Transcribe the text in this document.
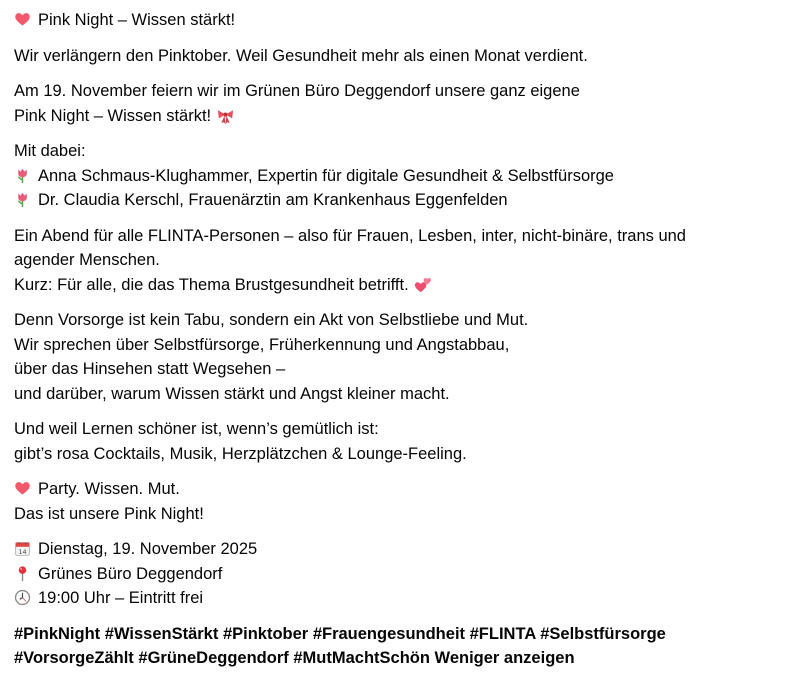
Pink Night – Wissen stärkt!

Wir verlängern den Pinktober. Weil Gesundheit mehr als einen Monat verdient.

Am 19. November feiern wir im Grünen Büro Deggendorf unsere ganz eigene
Pink Night – Wissen stärkt!

Mit dabei:
Anna Schmaus-Klughammer, Expertin für digitale Gesundheit & Selbstfürsorge
Dr. Claudia Kerschl, Frauenärztin am Krankenhaus Eggenfelden

Ein Abend für alle FLINTA-Personen – also für Frauen, Lesben, inter, nicht-binäre, trans und
agender Menschen.
Kurz: Für alle, die das Thema Brustgesundheit betrifft.

Denn Vorsorge ist kein Tabu, sondern ein Akt von Selbstliebe und Mut.
Wir sprechen über Selbstfürsorge, Früherkennung und Angstabbau,
über das Hinsehen statt Wegsehen –
und darüber, warum Wissen stärkt und Angst kleiner macht.

Und weil Lernen schöner ist, wenn’s gemütlich ist:
gibt’s rosa Cocktails, Musik, Herzplätzchen & Lounge-Feeling.

Party. Wissen. Mut.
Das ist unsere Pink Night!

14 Dienstag, 19. November 2025
Grünes Büro Deggendorf
19:00 Uhr – Eintritt frei

#PinkNight #WissenStärkt #Pinktober #Frauengesundheit #FLINTA #Selbstfürsorge
#VorsorgeZählt #GrüneDeggendorf #MutMachtSchön Weniger anzeigen
